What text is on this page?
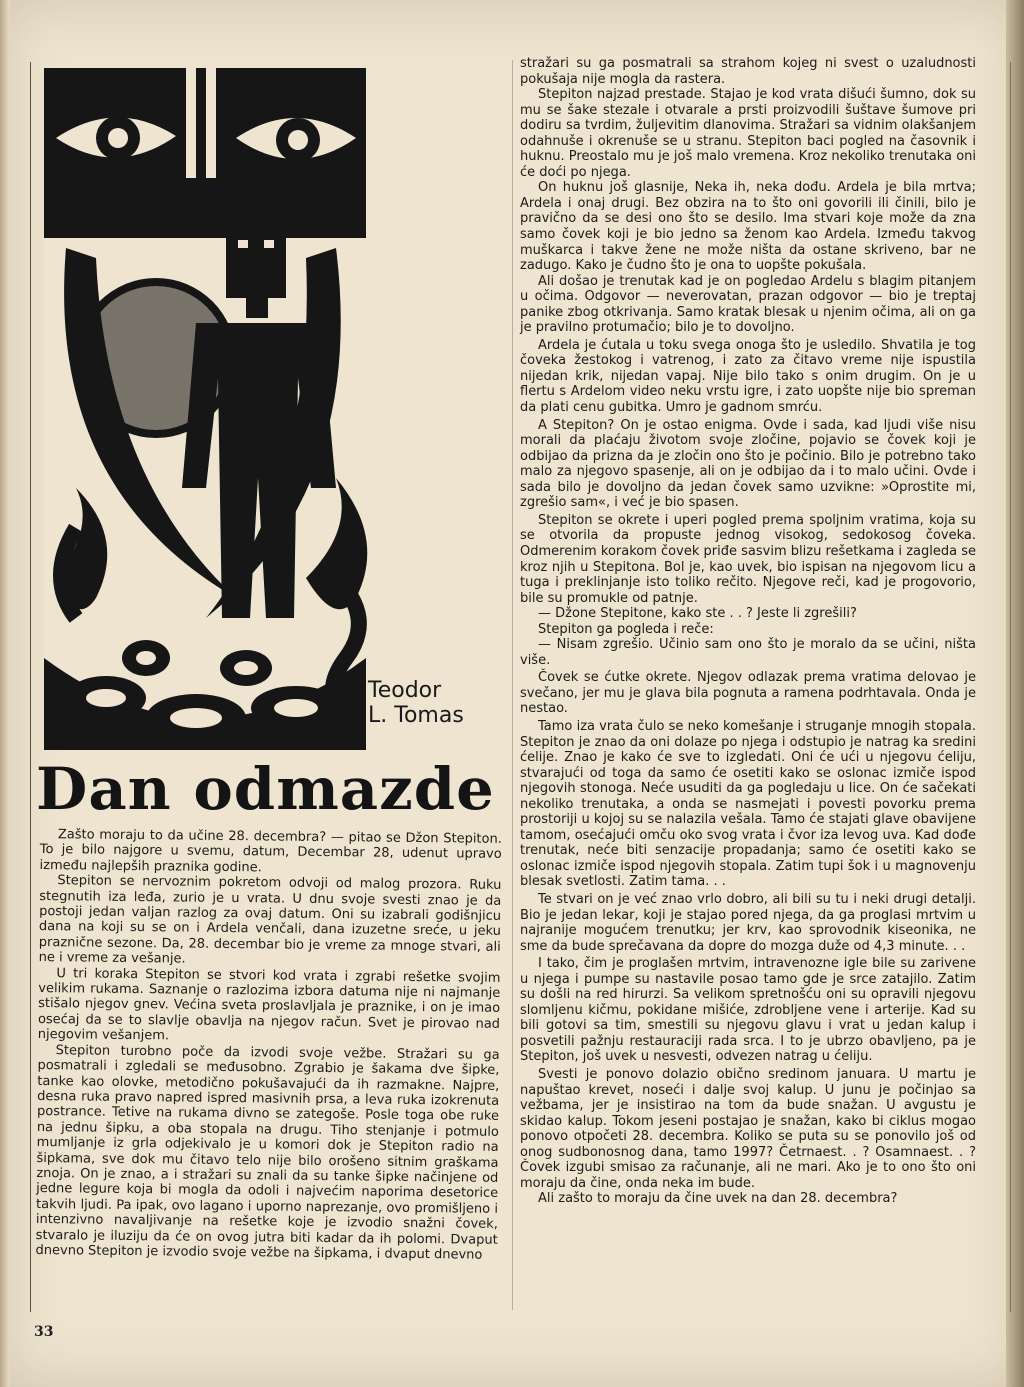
Teodor
L. Tomas
Dan odmazde

Zašto moraju to da učine 28. decembra? — pitao se Džon Stepiton. To je bilo najgore u svemu, datum, Decembar 28, udenut upravo između najlepših praznika godine.

Stepiton se nervoznim pokretom odvoji od malog prozora. Ruku stegnutih iza leđa, zurio je u vrata. U dnu svoje svesti znao je da postoji jedan valjan razlog za ovaj datum. Oni su izabrali godišnjicu dana na koji su se on i Ardela venčali, dana izuzetne sreće, u jeku praznične sezone. Da, 28. decembar bio je vreme za mnoge stvari, ali ne i vreme za vešanje.

U tri koraka Stepiton se stvori kod vrata i zgrabi rešetke svojim velikim rukama. Saznanje o razlozima izbora datuma nije ni najmanje stišalo njegov gnev. Većina sveta proslavljala je praznike, i on je imao osećaj da se to slavlje obavlja na njegov račun. Svet je pirovao nad njegovim vešanjem.

Stepiton turobno poče da izvodi svoje vežbe. Stražari su ga posmatrali i zgledali se međusobno. Zgrabio je šakama dve šipke, tanke kao olovke, metodično pokušavajući da ih razmakne. Najpre, desna ruka pravo napred ispred masivnih prsa, a leva ruka izokrenuta postrance. Tetive na rukama divno se zategoše. Posle toga obe ruke na jednu šipku, a oba stopala na drugu. Tiho stenjanje i potmulo mumljanje iz grla odjekivalo je u komori dok je Stepiton radio na šipkama, sve dok mu čitavo telo nije bilo orošeno sitnim graškama znoja. On je znao, a i stražari su znali da su tanke šipke načinjene od jedne legure koja bi mogla da odoli i najvećim naporima desetorice takvih ljudi. Pa ipak, ovo lagano i uporno naprezanje, ovo promišljeno i intenzivno navaljivanje na rešetke koje je izvodio snažni čovek, stvaralo je iluziju da će on ovog jutra biti kadar da ih polomi. Dvaput dnevno Stepiton je izvodio svoje vežbe na šipkama, i dvaput dnevno

stražari su ga posmatrali sa strahom kojeg ni svest o uzaludnosti pokušaja nije mogla da rastera.

Stepiton najzad prestade. Stajao je kod vrata dišući šumno, dok su mu se šake stezale i otvarale a prsti proizvodili šuštave šumove pri dodiru sa tvrdim, žuljevitim dlanovima. Stražari sa vidnim olakšanjem odahnuše i okrenuše se u stranu. Stepiton baci pogled na časovnik i huknu. Preostalo mu je još malo vremena. Kroz nekoliko trenutaka oni će doći po njega.

On huknu još glasnije, Neka ih, neka dođu. Ardela je bila mrtva; Ardela i onaj drugi. Bez obzira na to što oni govorili ili činili, bilo je pravično da se desi ono što se desilo. Ima stvari koje može da zna samo čovek koji je bio jedno sa ženom kao Ardela. Između takvog muškarca i takve žene ne može ništa da ostane skriveno, bar ne zadugo. Kako je čudno što je ona to uopšte pokušala.

Ali došao je trenutak kad je on pogledao Ardelu s blagim pitanjem u očima. Odgovor — neverovatan, prazan odgovor — bio je treptaj panike zbog otkrivanja. Samo kratak blesak u njenim očima, ali on ga je pravilno protumačio; bilo je to dovoljno.

Ardela je ćutala u toku svega onoga što je usledilo. Shvatila je tog čoveka žestokog i vatrenog, i zato za čitavo vreme nije ispustila nijedan krik, nijedan vapaj. Nije bilo tako s onim drugim. On je u flertu s Ardelom video neku vrstu igre, i zato uopšte nije bio spreman da plati cenu gubitka. Umro je gadnom smrću.

A Stepiton? On je ostao enigma. Ovde i sada, kad ljudi više nisu morali da plaćaju životom svoje zločine, pojavio se čovek koji je odbijao da prizna da je zločin ono što je počinio. Bilo je potrebno tako malo za njegovo spasenje, ali on je odbijao da i to malo učini. Ovde i sada bilo je dovoljno da jedan čovek samo uzvikne: »Oprostite mi, zgrešio sam«, i već je bio spasen.

Stepiton se okrete i uperi pogled prema spoljnim vratima, koja su se otvorila da propuste jednog visokog, sedokosog čoveka. Odmerenim korakom čovek priđe sasvim blizu rešetkama i zagleda se kroz njih u Stepitona. Bol je, kao uvek, bio ispisan na njegovom licu a tuga i preklinjanje isto toliko rečito. Njegove reči, kad je progovorio, bile su promukle od patnje.

— Džone Stepitone, kako ste . . ? Jeste li zgrešili?

Stepiton ga pogleda i reče:

— Nisam zgrešio. Učinio sam ono što je moralo da se učini, ništa više.

Čovek se ćutke okrete. Njegov odlazak prema vratima delovao je svečano, jer mu je glava bila pognuta a ramena podrhtavala. Onda je nestao.

Tamo iza vrata čulo se neko komešanje i struganje mnogih stopala. Stepiton je znao da oni dolaze po njega i odstupio je natrag ka sredini ćelije. Znao je kako će sve to izgledati. Oni će ući u njegovu ćeliju, stvarajući od toga da samo će osetiti kako se oslonac izmiče ispod njegovih stonoga. Neće usuditi da ga pogledaju u lice. On će sačekati nekoliko trenutaka, a onda se nasmejati i povesti povorku prema prostoriji u kojoj su se nalazila vešala. Tamo će stajati glave obavijene tamom, osećajući omču oko svog vrata i čvor iza levog uva. Kad dođe trenutak, neće biti senzacije propadanja; samo će osetiti kako se oslonac izmiče ispod njegovih stopala. Zatim tupi šok i u magnovenju blesak svetlosti. Zatim tama. . .

Te stvari on je već znao vrlo dobro, ali bili su tu i neki drugi detalji. Bio je jedan lekar, koji je stajao pored njega, da ga proglasi mrtvim u najranije mogućem trenutku; jer krv, kao sprovodnik kiseonika, ne sme da bude sprečavana da dopre do mozga duže od 4,3 minute. . .

I tako, čim je proglašen mrtvim, intravenozne igle bile su zarivene u njega i pumpe su nastavile posao tamo gde je srce zatajilo. Zatim su došli na red hirurzi. Sa velikom spretnošću oni su opravili njegovu slomljenu kičmu, pokidane mišiće, zdrobljene vene i arterije. Kad su bili gotovi sa tim, smestili su njegovu glavu i vrat u jedan kalup i posvetili pažnju restauraciji rada srca. I to je ubrzo obavljeno, pa je Stepiton, još uvek u nesvesti, odvezen natrag u ćeliju.

Svesti je ponovo dolazio obično sredinom januara. U martu je napuštao krevet, noseći i dalje svoj kalup. U junu je počinjao sa vežbama, jer je insistirao na tom da bude snažan. U avgustu je skidao kalup. Tokom jeseni postajao je snažan, kako bi ciklus mogao ponovo otpočeti 28. decembra. Koliko se puta su se ponovilo još od onog sudbonosnog dana, tamo 1997? Četrnaest. . ? Osamnaest. . ? Čovek izgubi smisao za računanje, ali ne mari. Ako je to ono što oni moraju da čine, onda neka im bude.

Ali zašto to moraju da čine uvek na dan 28. decembra?

33
